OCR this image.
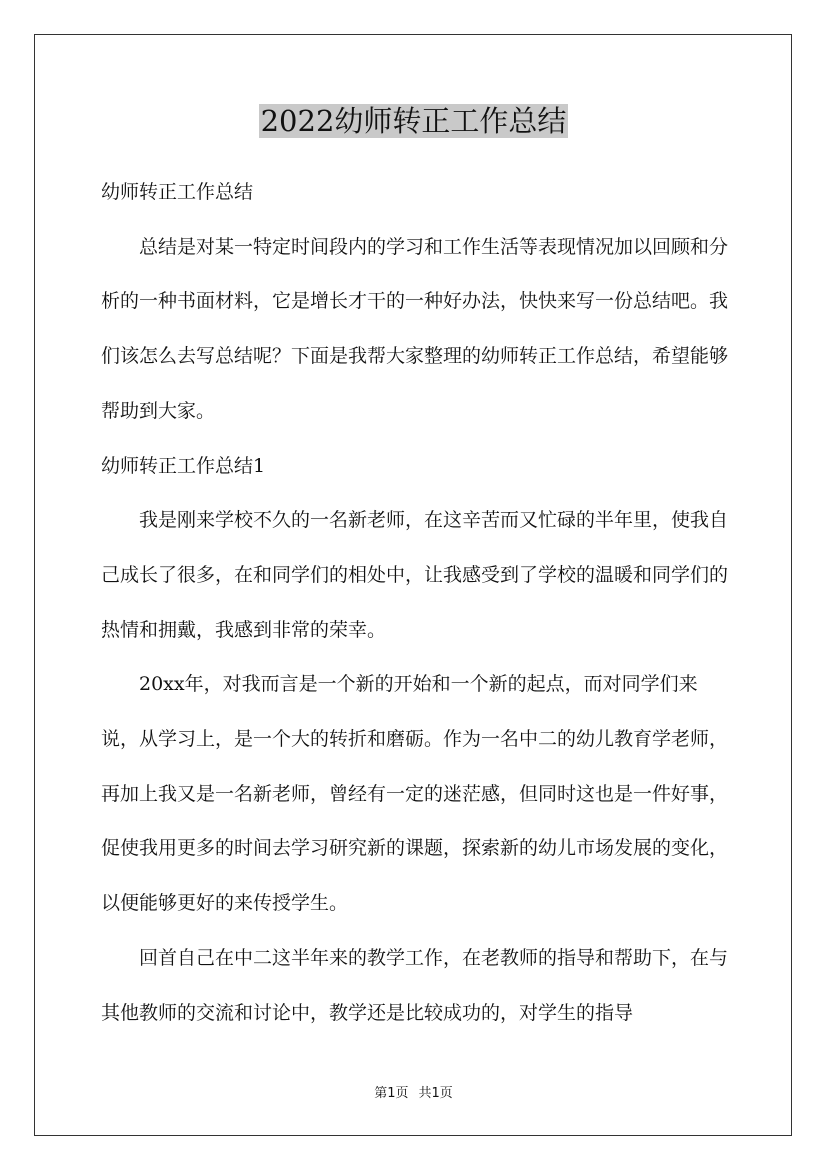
2022幼师转正工作总结

幼师转正工作总结

总结是对某一特定时间段内的学习和工作生活等表现情况加以回顾和分析的一种书面材料，它是增长才干的一种好办法，快快来写一份总结吧。我们该怎么去写总结呢？下面是我帮大家整理的幼师转正工作总结，希望能够帮助到大家。

幼师转正工作总结1

我是刚来学校不久的一名新老师，在这辛苦而又忙碌的半年里，使我自己成长了很多，在和同学们的相处中，让我感受到了学校的温暖和同学们的热情和拥戴，我感到非常的荣幸。

20xx年，对我而言是一个新的开始和一个新的起点，而对同学们来说，从学习上，是一个大的转折和磨砺。作为一名中二的幼儿教育学老师，再加上我又是一名新老师，曾经有一定的迷茫感，但同时这也是一件好事，促使我用更多的时间去学习研究新的课题，探索新的幼儿市场发展的变化，以便能够更好的来传授学生。

回首自己在中二这半年来的教学工作，在老教师的指导和帮助下，在与其他教师的交流和讨论中，教学还是比较成功的，对学生的指导

第1页 共1页
